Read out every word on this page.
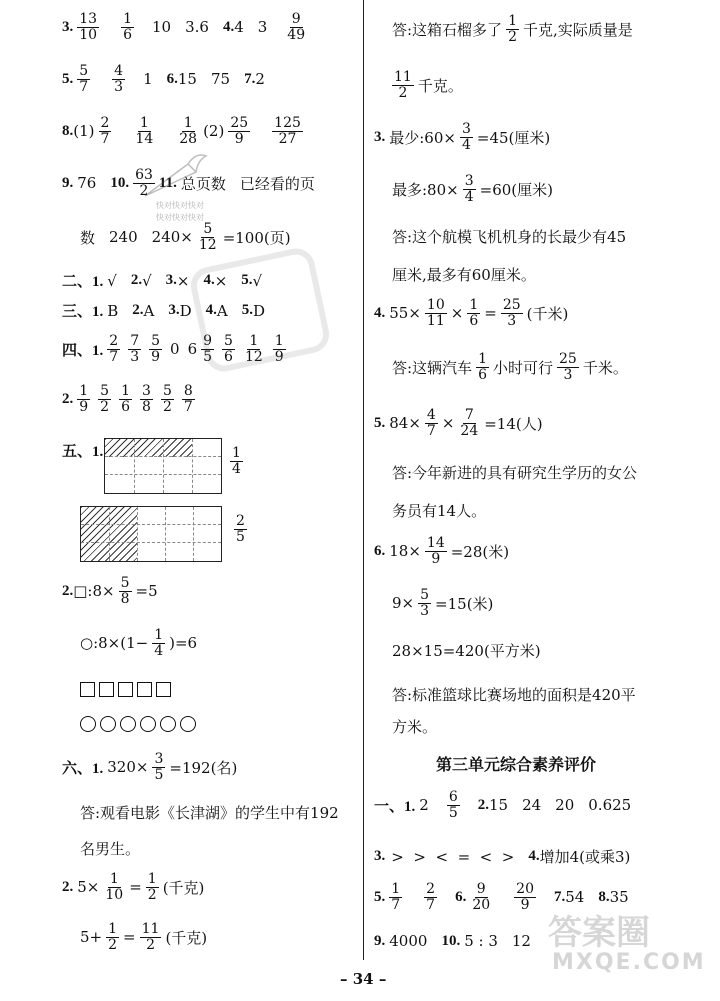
3. $\frac{13}{10} \frac{1}{6} 10$ 3.6 4. 4 $3 \frac{9}{49}$
5. $\frac{5}{7} \frac{4}{3} 1$ 6. 15 75 7. 2
8. $(1) \frac{2}{7} \frac{1}{14} \frac{1}{28} (2) \frac{25}{9} \frac{125}{27}$
9. 76 10. $\frac{63}{2} 11$. 总页数 已经看的页
数 240 $240\times \frac{5}{12} =100$(页)
二、1. √ 2. √ 3. × 4. × 5. √
三、1. B 2. A 3. D 4. A 5. D
四、1. $\frac{2}{7} \frac{7}{3} \frac{5}{9} 0$ $6 \frac{9}{5} \frac{5}{6} \frac{1}{12} \frac{1}{9}$
2. $\frac{1}{9} \frac{5}{2} \frac{1}{6} \frac{3}{8} \frac{5}{2} \frac{8}{7}$
五、1.	$\frac{1}{4}$
$\frac{2}{5}$
2. □:8× $\frac{5}{8} =5$
○:8×(1− $\frac{1}{4} )=6$
六、1. $320\times \frac{3}{5} =192$(名)
答:观看电影《长津湖》的学生中有192
名男生。
2. $5\times \frac{1}{10} = \frac{1}{2}$ (千克)
$5+ \frac{1}{2} = \frac{11}{2}$ (千克)
答:这箱石榴多了 $\frac{1}{2}$ 千克,实际质量是
$\frac{11}{2}$ 千克。
3. 最少:60× $\frac{3}{4} =45$(厘米)
最多:80× $\frac{3}{4} =60$(厘米)
答:这个航模飞机机身的长最少有45
厘米,最多有60厘米。
4. $55\times \frac{10}{11} \times \frac{1}{6} = \frac{25}{3}$ (千米)
答:这辆汽车 $\frac{1}{6}$ 小时可行 $\frac{25}{3}$ 千米。
5. $84\times \frac{4}{7} \times \frac{7}{24} =14$(人)
答:今年新进的具有研究生学历的女公
务员有14人。
6. $18\times \frac{14}{9} =28$(米)
$9\times \frac{5}{3} =15$(米)
28×15=420(平方米)
答:标准篮球比赛场地的面积是420平
方米。
第三单元综合素养评价
一、1. $2 \frac{6}{5} 2$. 15 24 20 0.625
3. >  >  <  =  <  > 4. 增加4(或乘3)
5. $\frac{1}{7} \frac{2}{7} 6$. $\frac{9}{20} \frac{20}{9} 7$. 54 8. 35
9. 4000 10. 5 : 3 12
– 34 –
快对快对快对
快对快对快对
答案圈
MXQE.COM
